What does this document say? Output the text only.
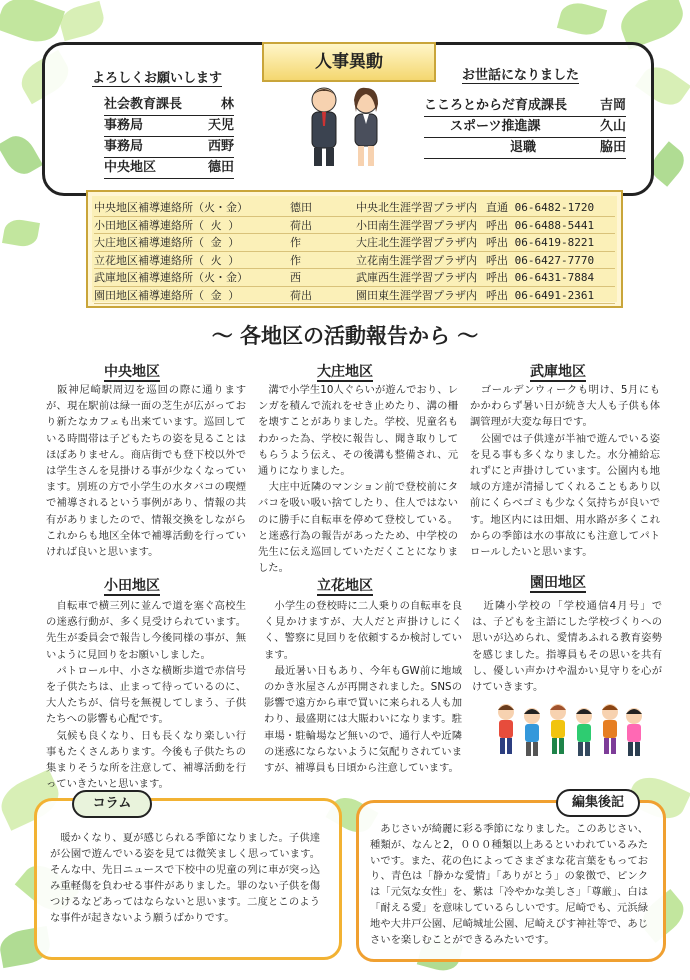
人事異動
よろしくお願いします	お世話になりました
社会教育課長	林
事務局	天児
事務局	西野
中央地区	德田
こころとからだ育成課長	吉岡
スポーツ推進課	久山
退職	脇田
中央地区補導連絡所（火・金）	德田	中央北生涯学習プラザ内 直通 06-6482-1720
小田地区補導連絡所（ 火 ）	荷出	小田南生涯学習プラザ内 呼出 06-6488-5441
大庄地区補導連絡所（ 金 ）	作	大庄北生涯学習プラザ内 呼出 06-6419-8221
立花地区補導連絡所（ 火 ）	作	立花南生涯学習プラザ内 呼出 06-6427-7770
武庫地区補導連絡所（火・金）	西	武庫西生涯学習プラザ内 呼出 06-6431-7884
園田地区補導連絡所（ 金 ）	荷出	園田東生涯学習プラザ内 呼出 06-6491-2361
～ 各地区の活動報告から ～
中央地区	大庄地区	武庫地区
小田地区	立花地区	園田地区
　阪神尼崎駅周辺を巡回の際に通りますが、現在駅前は緑一面の芝生が広がっており新たなカフェも出来ています。巡回している時間帯は子どもたちの姿を見ることはほぼありません。商店街でも登下校以外では学生さんを見掛ける事が少なくなっています。別班の方で小学生の水タバコの喫煙で補導されるという事例があり、情報の共有がありましたので、情報交換をしながらこれからも地区全体で補導活動を行っていければ良いと思います。
　溝で小学生10人ぐらいが遊んでおり、レンガを積んで流れをせき止めたり、溝の柵を壊すことがありました。学校、児童名もわかった為、学校に報告し、聞き取りしてもらうよう伝え、その後溝も整備され、元通りになりました。
　大庄中近隣のマンション前で登校前にタバコを吸い吸い捨てしたり、住人ではないのに勝手に自転車を停めて登校している。と迷惑行為の報告があったため、中学校の先生に伝え巡回していただくことになりました。
　ゴールデンウィークも明け、5月にもかかわらず暑い日が続き大人も子供も体調管理が大変な毎日です。
　公園では子供達が半袖で遊んでいる姿を見る事も多くなりました。水分補給忘れずにと声掛けしています。公園内も地域の方達が清掃してくれることもあり以前にくらべゴミも少なく気持ちが良いです。地区内には田畑、用水路が多くこれからの季節は水の事故にも注意してパトロールしたいと思います。
　自転車で横三列に並んで道を塞ぐ高校生の迷惑行動が、多く見受けられています。先生が委員会で報告し今後同様の事が、無いように見回りをお願いしました。
　パトロール中、小さな横断歩道で赤信号を子供たちは、止まって待っているのに、大人たちが、信号を無視してしまう、子供たちへの影響も心配です。
　気候も良くなり、日も長くなり楽しい行事もたくさんあります。今後も子供たちの集まりそうな所を注意して、補導活動を行っていきたいと思います。
　小学生の登校時に二人乗りの自転車を良く見かけますが、大人だと声掛けしにくく、警察に見回りを依頼するか検討しています。
　最近暑い日もあり、今年もGW前に地域のかき氷屋さんが再開されました。SNSの影響で遠方から車で買いに来られる人も加わり、最盛期には大賑わいになります。駐車場・駐輪場など無いので、通行人や近隣の迷惑にならないように気配りされていますが、補導員も日頃から注意しています。
　近隣小学校の「学校通信4月号」では、子どもを主語にした学校づくりへの思いが込められ、愛情あふれる教育姿勢を感じました。指導員もその思いを共有し、優しい声かけや温かい見守りを心がけていきます。
コラム
　暖かくなり、夏が感じられる季節になりました。子供達が公園で遊んでいる姿を見ては微笑ましく思っています。そんな中、先日ニュースで下校中の児童の列に車が突っ込み重軽傷を負わせる事件がありました。罪のない子供を傷つけるなどあってはならないと思います。二度とこのような事件が起きないよう願うばかりです。
編集後記
　あじさいが綺麗に彩る季節になりました。このあじさい、種類が、なんと2，０００種類以上あるといわれているみたいです。また、花の色によってさまざまな花言葉をもっており、青色は「静かな愛情」「ありがとう」の象徴で、ピンクは「元気な女性」を、紫は「冷やかな美しさ」「尊厳」、白は「耐える愛」を意味しているらしいです。尼崎でも、元浜緑地や大井戸公園、尼崎城址公園、尼崎えびす神社等で、あじさいを楽しむことができるみたいです。
